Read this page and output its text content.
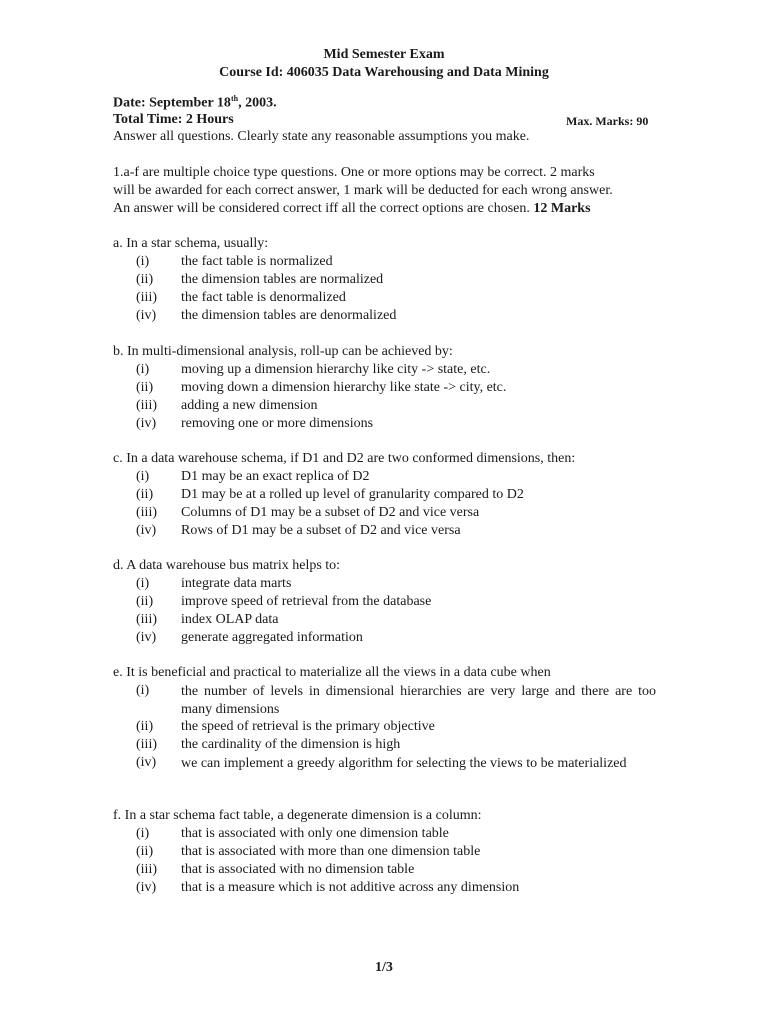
Mid Semester Exam
Course Id: 406035 Data Warehousing and Data Mining
Date: September 18th, 2003.
Total Time: 2 Hours	Max. Marks: 90
Answer all questions. Clearly state any reasonable assumptions you make.
1.a-f are multiple choice type questions. One or more options may be correct. 2 marks
will be awarded for each correct answer, 1 mark will be deducted for each wrong answer.
An answer will be considered correct iff all the correct options are chosen. 12 Marks
a. In a star schema, usually:
(i) the fact table is normalized
(ii) the dimension tables are normalized
(iii) the fact table is denormalized
(iv) the dimension tables are denormalized
b. In multi-dimensional analysis, roll-up can be achieved by:
(i) moving up a dimension hierarchy like city -> state, etc.
(ii) moving down a dimension hierarchy like state -> city, etc.
(iii) adding a new dimension
(iv) removing one or more dimensions
c. In a data warehouse schema, if D1 and D2 are two conformed dimensions, then:
(i) D1 may be an exact replica of D2
(ii) D1 may be at a rolled up level of granularity compared to D2
(iii) Columns of D1 may be a subset of D2 and vice versa
(iv) Rows of D1 may be a subset of D2 and vice versa
d. A data warehouse bus matrix helps to:
(i) integrate data marts
(ii) improve speed of retrieval from the database
(iii) index OLAP data
(iv) generate aggregated information
e. It is beneficial and practical to materialize all the views in a data cube when
(i) the number of levels in dimensional hierarchies are very large and there are too many dimensions
(ii) the speed of retrieval is the primary objective
(iii) the cardinality of the dimension is high
(iv) we can implement a greedy algorithm for selecting the views to be materialized
f. In a star schema fact table, a degenerate dimension is a column:
(i) that is associated with only one dimension table
(ii) that is associated with more than one dimension table
(iii) that is associated with no dimension table
(iv) that is a measure which is not additive across any dimension
1/3
